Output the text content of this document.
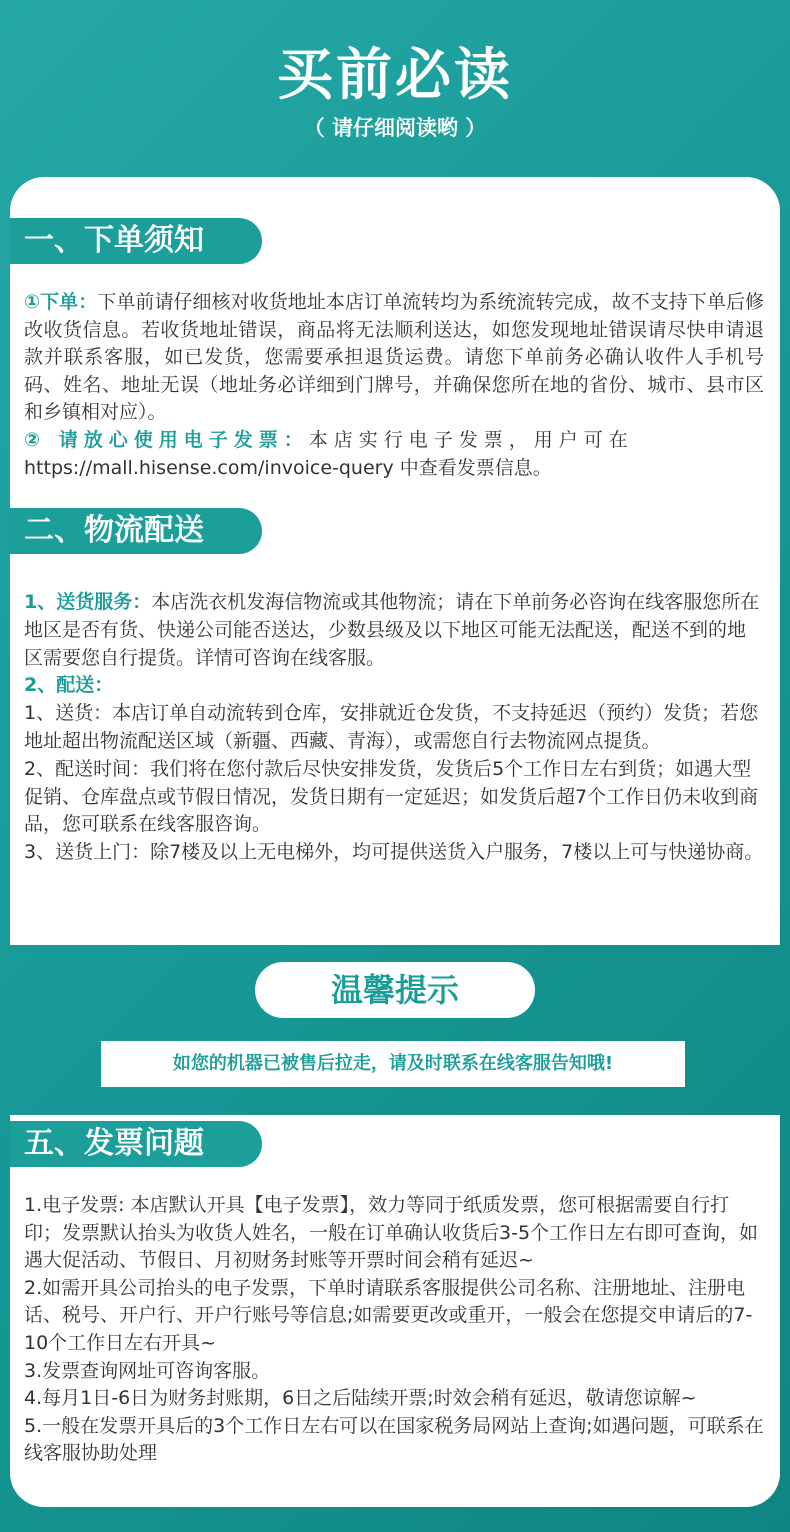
买前必读
（ 请仔细阅读哟 ）
一、下单须知

①下单：下单前请仔细核对收货地址本店订单流转均为系统流转完成，故不支持下单后修改收货信息。若收货地址错误，商品将无法顺利送达，如您发现地址错误请尽快申请退款并联系客服，如已发货，您需要承担退货运费。请您下单前务必确认收件人手机号码、姓名、地址无误（地址务必详细到门牌号，并确保您所在地的省份、城市、县市区和乡镇相对应）。

② 请放心使用电子发票：本店实行电子发票，用户可在
https://mall.hisense.com/invoice-query 中查看发票信息。

二、物流配送

1、送货服务：本店洗衣机发海信物流或其他物流；请在下单前务必咨询在线客服您所在地区是否有货、快递公司能否送达，少数县级及以下地区可能无法配送，配送不到的地区需要您自行提货。详情可咨询在线客服。

2、配送：

1、送货：本店订单自动流转到仓库，安排就近仓发货，不支持延迟（预约）发货；若您地址超出物流配送区域（新疆、西藏、青海），或需您自行去物流网点提货。

2、配送时间：我们将在您付款后尽快安排发货，发货后5个工作日左右到货；如遇大型促销、仓库盘点或节假日情况，发货日期有一定延迟；如发货后超7个工作日仍未收到商品，您可联系在线客服咨询。

3、送货上门：除7楼及以上无电梯外，均可提供送货入户服务，7楼以上可与快递协商。

温馨提示
如您的机器已被售后拉走，请及时联系在线客服告知哦!
五、发票问题

1.电子发票: 本店默认开具【电子发票】，效力等同于纸质发票，您可根据需要自行打印；发票默认抬头为收货人姓名，一般在订单确认收货后3-5个工作日左右即可查询，如遇大促活动、节假日、月初财务封账等开票时间会稍有延迟~

2.如需开具公司抬头的电子发票，下单时请联系客服提供公司名称、注册地址、注册电话、税号、开户行、开户行账号等信息;如需要更改或重开，一般会在您提交申请后的7-10个工作日左右开具~

3.发票查询网址可咨询客服。

4.每月1日-6日为财务封账期，6日之后陆续开票;时效会稍有延迟，敬请您谅解~

5.一般在发票开具后的3个工作日左右可以在国家税务局网站上查询;如遇问题，可联系在线客服协助处理
